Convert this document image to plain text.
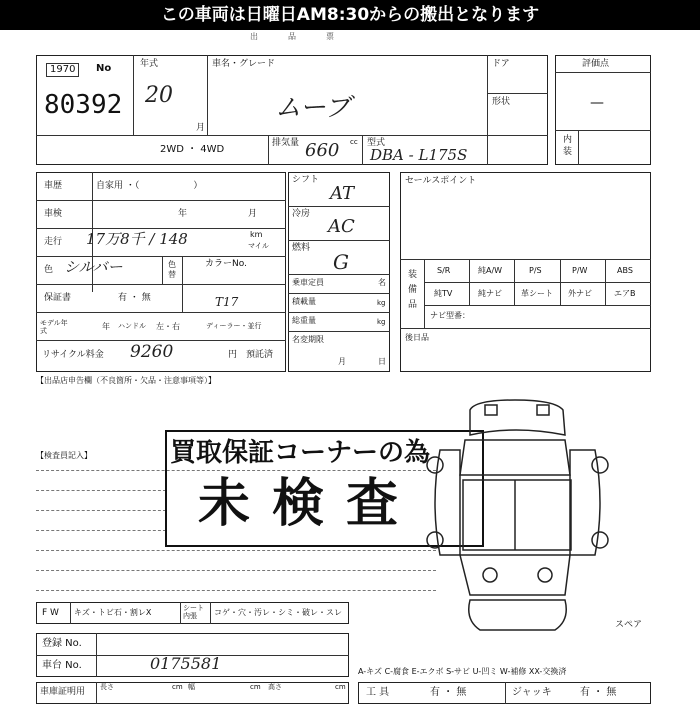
この車両は日曜日AM8:30からの搬出となります
出品票
1970	No
80392
年式
20
月
車名・グレード
ムーブ
ドア
形状
2WD ・ 4WD
排気量 660 cc 型式
DBA - L175S
評価点
—
内装
車歴	自家用 ・（　　　　　　）
車検	年	月
走行 17万8千 / 148	km
マイル
色 シルバー	色替
カラーNo.
T17
保証書	有 ・ 無
モデル年式	年 ハンドル 左・右	ディーラー・並行
リサイクル料金 9260	円 預託済
シフト
AT
冷房
AC
燃料
G
乗車定員	名
積載量	kg
総重量	kg
名変期限
月	日
セールスポイント
装備品
S/R	純A/W	P/S	P/W	ABS
純TV	純ナビ 革シート 外ナビ	エアB
ナビ型番：
後日品
【出品店申告欄（不良箇所・欠品・注意事項等）】
【検査員記入】	買取保証コーナーの為
未検査
スペア
F W キズ・トビ石・割レX	シート内張	コゲ・穴・汚レ・シミ・破レ・スレ
登録 No.
車台 No.	0175581	A-キズ C-腐食 E-エクボ S-サビ U-凹ミ W-補修 XX-交換済
車庫証明用 長さ	cm 幅	cm 高さ	cm 工 具	有 ・ 無	ジャッキ	有 ・ 無
